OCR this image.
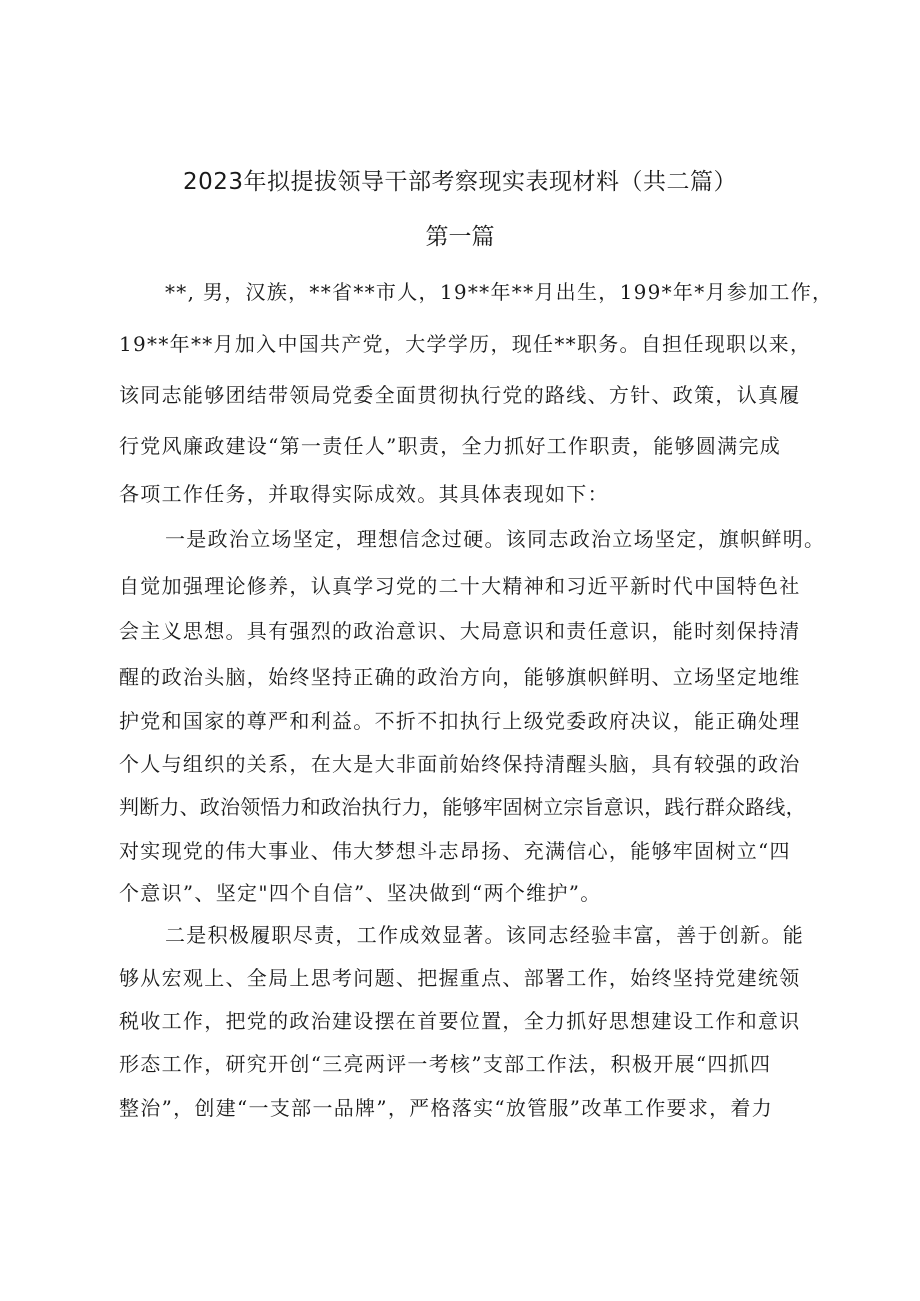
2023年拟提拔领导干部考察现实表现材料（共二篇）
第一篇
**, 男，汉族，**省**市人，19**年**月出生，199*年*月参加工作，
19**年**月加入中国共产党，大学学历，现任**职务。自担任现职以来，
该同志能够团结带领局党委全面贯彻执行党的路线、方针、政策，认真履
行党风廉政建设“第一责任人”职责，全力抓好工作职责，能够圆满完成
各项工作任务，并取得实际成效。其具体表现如下：
一是政治立场坚定，理想信念过硬。该同志政治立场坚定，旗帜鲜明。
自觉加强理论修养，认真学习党的二十大精神和习近平新时代中国特色社
会主义思想。具有强烈的政治意识、大局意识和责任意识，能时刻保持清
醒的政治头脑，始终坚持正确的政治方向，能够旗帜鲜明、立场坚定地维
护党和国家的尊严和利益。不折不扣执行上级党委政府决议，能正确处理
个人与组织的关系，在大是大非面前始终保持清醒头脑，具有较强的政治
判断力、政治领悟力和政治执行力，能够牢固树立宗旨意识，践行群众路线，
对实现党的伟大事业、伟大梦想斗志昂扬、充满信心，能够牢固树立“四
个意识”、坚定"四个自信”、坚决做到“两个维护”。
二是积极履职尽责，工作成效显著。该同志经验丰富，善于创新。能
够从宏观上、全局上思考问题、把握重点、部署工作，始终坚持党建统领
税收工作，把党的政治建设摆在首要位置，全力抓好思想建设工作和意识
形态工作，研究开创“三亮两评一考核”支部工作法，积极开展“四抓四
整治”，创建“一支部一品牌”，严格落实“放管服”改革工作要求，着力
